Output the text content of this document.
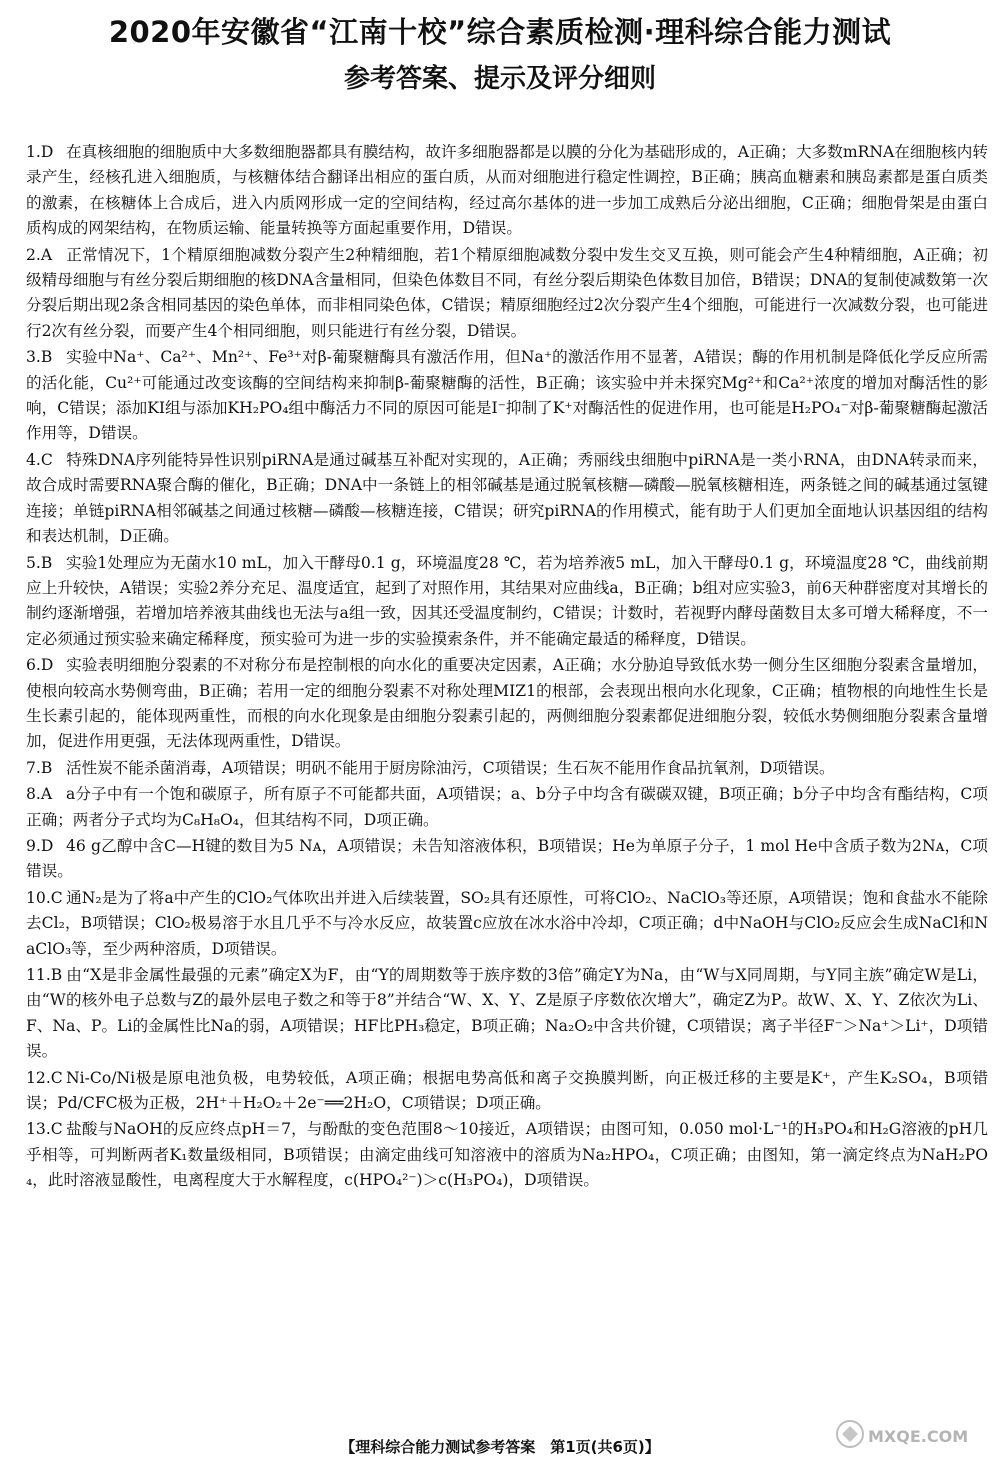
2020年安徽省“江南十校”综合素质检测·理科综合能力测试
参考答案、提示及评分细则

1.D 在真核细胞的细胞质中大多数细胞器都具有膜结构，故许多细胞器都是以膜的分化为基础形成的，A正确；大多数mRNA在细胞核内转录产生，经核孔进入细胞质，与核糖体结合翻译出相应的蛋白质，从而对细胞进行稳定性调控，B正确；胰高血糖素和胰岛素都是蛋白质类的激素，在核糖体上合成后，进入内质网形成一定的空间结构，经过高尔基体的进一步加工成熟后分泌出细胞，C正确；细胞骨架是由蛋白质构成的网架结构，在物质运输、能量转换等方面起重要作用，D错误。

2.A 正常情况下，1个精原细胞减数分裂产生2种精细胞，若1个精原细胞减数分裂中发生交叉互换，则可能会产生4种精细胞，A正确；初级精母细胞与有丝分裂后期细胞的核DNA含量相同，但染色体数目不同，有丝分裂后期染色体数目加倍，B错误；DNA的复制使减数第一次分裂后期出现2条含相同基因的染色单体，而非相同染色体，C错误；精原细胞经过2次分裂产生4个细胞，可能进行一次减数分裂，也可能进行2次有丝分裂，而要产生4个相同细胞，则只能进行有丝分裂，D错误。

3.B 实验中Na⁺、Ca²⁺、Mn²⁺、Fe³⁺对β-葡聚糖酶具有激活作用，但Na⁺的激活作用不显著，A错误；酶的作用机制是降低化学反应所需的活化能，Cu²⁺可能通过改变该酶的空间结构来抑制β-葡聚糖酶的活性，B正确；该实验中并未探究Mg²⁺和Ca²⁺浓度的增加对酶活性的影响，C错误；添加KI组与添加KH₂PO₄组中酶活力不同的原因可能是I⁻抑制了K⁺对酶活性的促进作用，也可能是H₂PO₄⁻对β-葡聚糖酶起激活作用等，D错误。

4.C 特殊DNA序列能特异性识别piRNA是通过碱基互补配对实现的，A正确；秀丽线虫细胞中piRNA是一类小RNA，由DNA转录而来，故合成时需要RNA聚合酶的催化，B正确；DNA中一条链上的相邻碱基是通过脱氧核糖—磷酸—脱氧核糖相连，两条链之间的碱基通过氢键连接；单链piRNA相邻碱基之间通过核糖—磷酸—核糖连接，C错误；研究piRNA的作用模式，能有助于人们更加全面地认识基因组的结构和表达机制，D正确。

5.B 实验1处理应为无菌水10 mL，加入干酵母0.1 g，环境温度28 ℃，若为培养液5 mL，加入干酵母0.1 g，环境温度28 ℃，曲线前期应上升较快，A错误；实验2养分充足、温度适宜，起到了对照作用，其结果对应曲线a，B正确；b组对应实验3，前6天种群密度对其增长的制约逐渐增强，若增加培养液其曲线也无法与a组一致，因其还受温度制约，C错误；计数时，若视野内酵母菌数目太多可增大稀释度，不一定必须通过预实验来确定稀释度，预实验可为进一步的实验摸索条件，并不能确定最适的稀释度，D错误。

6.D 实验表明细胞分裂素的不对称分布是控制根的向水化的重要决定因素，A正确；水分胁迫导致低水势一侧分生区细胞分裂素含量增加，使根向较高水势侧弯曲，B正确；若用一定的细胞分裂素不对称处理MIZ1的根部，会表现出根向水化现象，C正确；植物根的向地性生长是生长素引起的，能体现两重性，而根的向水化现象是由细胞分裂素引起的，两侧细胞分裂素都促进细胞分裂，较低水势侧细胞分裂素含量增加，促进作用更强，无法体现两重性，D错误。

7.B 活性炭不能杀菌消毒，A项错误；明矾不能用于厨房除油污，C项错误；生石灰不能用作食品抗氧剂，D项错误。

8.A a分子中有一个饱和碳原子，所有原子不可能都共面，A项错误；a、b分子中均含有碳碳双键，B项正确；b分子中均含有酯结构，C项正确；两者分子式均为C₈H₈O₄，但其结构不同，D项正确。

9.D 46 g乙醇中含C—H键的数目为5 Nᴀ，A项错误；未告知溶液体积，B项错误；He为单原子分子，1 mol He中含质子数为2Nᴀ，C项错误。

10.C 通N₂是为了将a中产生的ClO₂气体吹出并进入后续装置，SO₂具有还原性，可将ClO₂、NaClO₃等还原，A项错误；饱和食盐水不能除去Cl₂，B项错误；ClO₂极易溶于水且几乎不与冷水反应，故装置c应放在冰水浴中冷却，C项正确；d中NaOH与ClO₂反应会生成NaCl和NaClO₃等，至少两种溶质，D项错误。

11.B 由“X是非金属性最强的元素”确定X为F，由“Y的周期数等于族序数的3倍”确定Y为Na，由“W与X同周期，与Y同主族”确定W是Li，由“W的核外电子总数与Z的最外层电子数之和等于8”并结合“W、X、Y、Z是原子序数依次增大”，确定Z为P。故W、X、Y、Z依次为Li、F、Na、P。Li的金属性比Na的弱，A项错误；HF比PH₃稳定，B项正确；Na₂O₂中含共价键，C项错误；离子半径F⁻＞Na⁺＞Li⁺，D项错误。

12.C Ni-Co/Ni极是原电池负极，电势较低，A项正确；根据电势高低和离子交换膜判断，向正极迁移的主要是K⁺，产生K₂SO₄，B项错误；Pd/CFC极为正极，2H⁺＋H₂O₂＋2e⁻══2H₂O，C项错误；D项正确。

13.C 盐酸与NaOH的反应终点pH＝7，与酚酞的变色范围8～10接近，A项错误；由图可知，0.050 mol·L⁻¹的H₃PO₄和H₂G溶液的pH几乎相等，可判断两者K₁数量级相同，B项错误；由滴定曲线可知溶液中的溶质为Na₂HPO₄，C项正确；由图知，第一滴定终点为NaH₂PO₄，此时溶液显酸性，电离程度大于水解程度，c(HPO₄²⁻)＞c(H₃PO₄)，D项错误。

【理科综合能力测试参考答案　第1页(共6页)】
MXQE.COM
